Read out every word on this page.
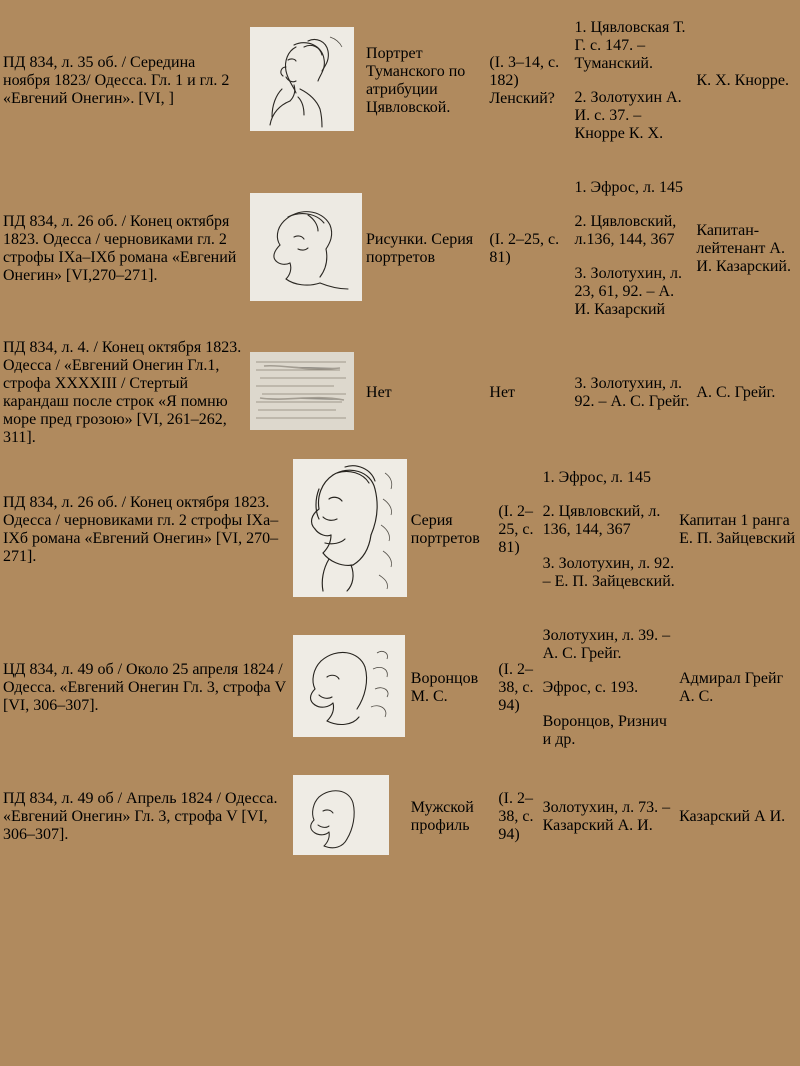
ПД 834, л. 35 об. / Середина ноября 1823/ Одесса. Гл. 1 и гл. 2 «Евгений Онегин». [VI, ]		Портрет Туманского по атрибуции Цявловской.	(I. 3–14, с. 182) Ленский?	1. Цявловская Т. Г. с. 147. – Туманский.

2. Золотухин А. И. с. 37. – Кнорре К. Х.	К. Х. Кнорре.
ПД 834, л. 26 об. / Конец октября 1823. Одесса / черновиками гл. 2 строфы IXa–IXб романа «Евгений Онегин» [VI,270–271].		Рисунки. Серия портретов	(I. 2–25, с. 81)	1. Эфрос, л. 145

2. Цявловский, л.136, 144, 367

3. Золотухин, л. 23, 61, 92. – А. И. Казарский	Капитан-лейтенант А. И. Казарский.
ПД 834, л. 4. / Конец октября 1823. Одесса / «Евгений Онегин Гл.1, строфа XXXXIII / Стертый карандаш после строк «Я помню море пред грозою» [VI, 261–262, 311].		Нет	Нет	3. Золотухин, л. 92. – А. С. Грейг.	А. С. Грейг.
ПД 834, л. 26 об. / Конец октября 1823. Одесса / черновиками гл. 2 строфы IXa–IXб романа «Евгений Онегин» [VI, 270–271].		Серия портретов	(I. 2–25, с. 81)	1. Эфрос, л. 145

2. Цявловский, л. 136, 144, 367

3. Золотухин, л. 92. – Е. П. Зайцевский.	Капитан 1 ранга Е. П. Зайцевский
ЦД 834, л. 49 об / Около 25 апреля 1824 / Одесса. «Евгений Онегин Гл. 3, строфа V [VI, 306–307].		Воронцов М. С.	(I. 2–38, с. 94)	Золотухин, л. 39. – А. С. Грейг.

Эфрос, с. 193.

Воронцов, Ризнич и др.	Адмирал Грейг А. С.
ПД 834, л. 49 об / Апрель 1824 / Одесса. «Евгений Онегин» Гл. 3, строфа V [VI, 306–307].		Мужской профиль	(I. 2–38, с. 94)	Золотухин, л. 73. – Казарский А. И.	Казарский А И.
